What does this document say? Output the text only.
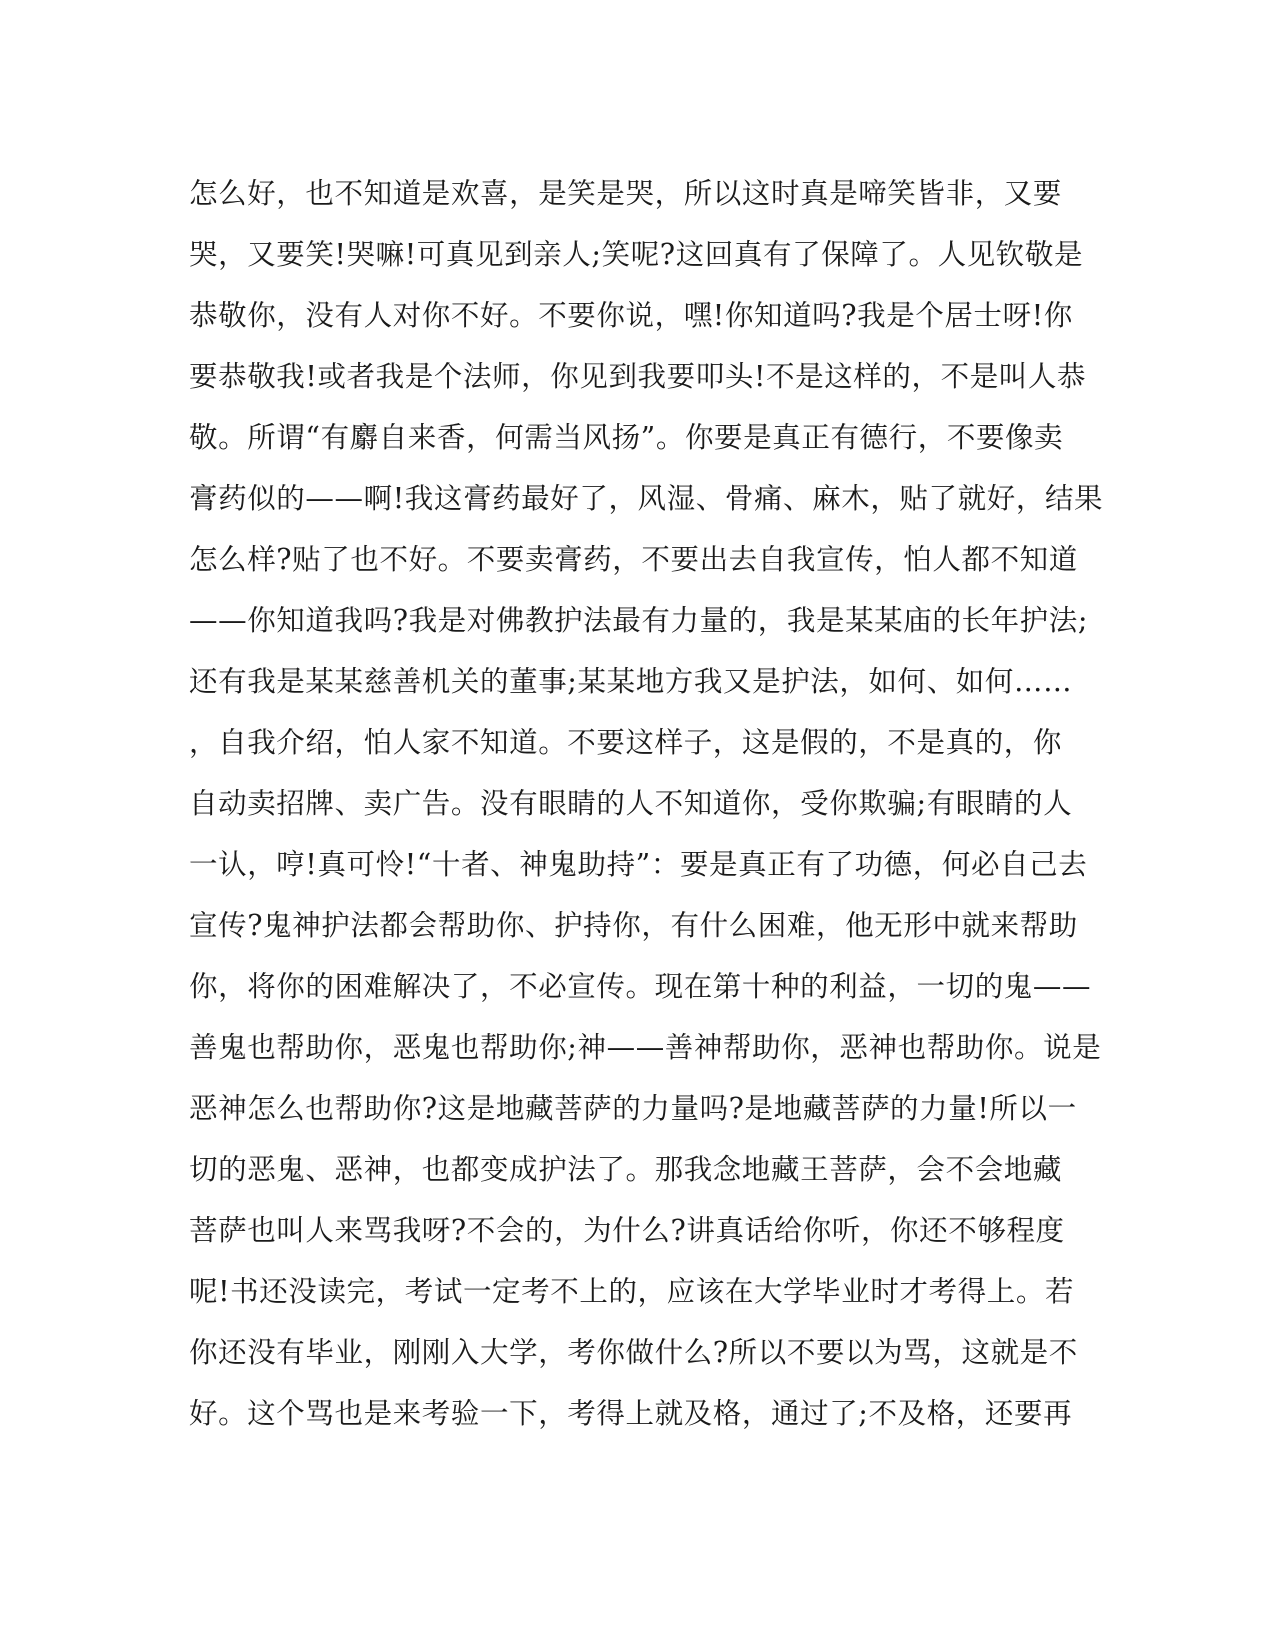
怎么好，也不知道是欢喜，是笑是哭，所以这时真是啼笑皆非，又要
哭，又要笑!哭嘛!可真见到亲人;笑呢?这回真有了保障了。人见钦敬是
恭敬你，没有人对你不好。不要你说，嘿!你知道吗?我是个居士呀!你
要恭敬我!或者我是个法师，你见到我要叩头!不是这样的，不是叫人恭
敬。所谓“有麝自来香，何需当风扬”。你要是真正有德行，不要像卖
膏药似的——啊!我这膏药最好了，风湿、骨痛、麻木，贴了就好，结果
怎么样?贴了也不好。不要卖膏药，不要出去自我宣传，怕人都不知道
——你知道我吗?我是对佛教护法最有力量的，我是某某庙的长年护法;
还有我是某某慈善机关的董事;某某地方我又是护法，如何、如何……
，自我介绍，怕人家不知道。不要这样子，这是假的，不是真的，你
自动卖招牌、卖广告。没有眼睛的人不知道你，受你欺骗;有眼睛的人
一认，哼!真可怜!“十者、神鬼助持”：要是真正有了功德，何必自己去
宣传?鬼神护法都会帮助你、护持你，有什么困难，他无形中就来帮助
你，将你的困难解决了，不必宣传。现在第十种的利益，一切的鬼——
善鬼也帮助你，恶鬼也帮助你;神——善神帮助你，恶神也帮助你。说是
恶神怎么也帮助你?这是地藏菩萨的力量吗?是地藏菩萨的力量!所以一
切的恶鬼、恶神，也都变成护法了。那我念地藏王菩萨，会不会地藏
菩萨也叫人来骂我呀?不会的，为什么?讲真话给你听，你还不够程度
呢!书还没读完，考试一定考不上的，应该在大学毕业时才考得上。若
你还没有毕业，刚刚入大学，考你做什么?所以不要以为骂，这就是不
好。这个骂也是来考验一下，考得上就及格，通过了;不及格，还要再
